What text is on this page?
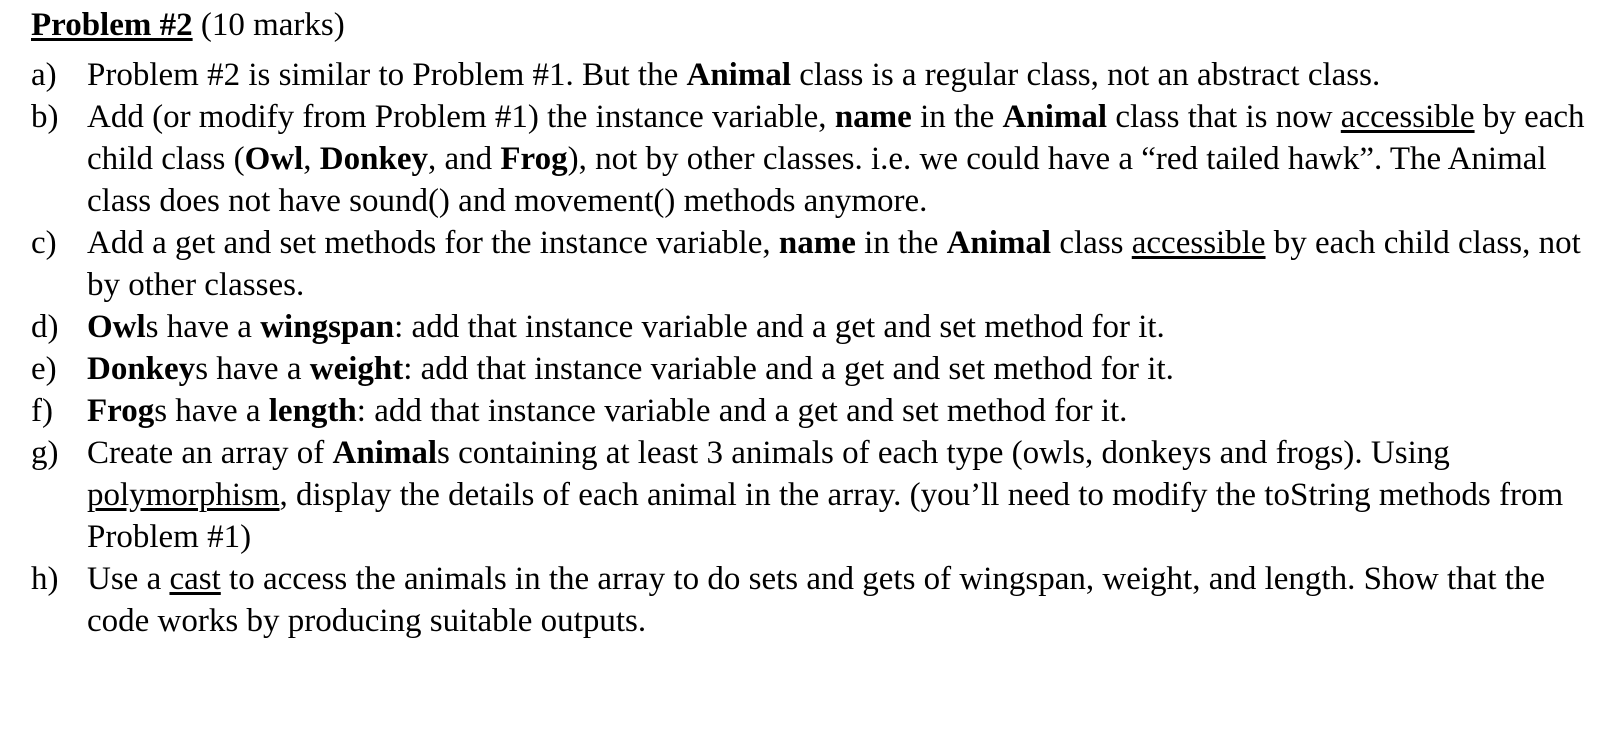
Problem #2 (10 marks)
a) Problem #2 is similar to Problem #1. But the Animal class is a regular class, not an abstract class.
b) Add (or modify from Problem #1) the instance variable, name in the Animal class that is now accessible by each child class (Owl, Donkey, and Frog), not by other classes. i.e. we could have a “red tailed hawk”. The Animal class does not have sound() and movement() methods anymore.
c) Add a get and set methods for the instance variable, name in the Animal class accessible by each child class, not by other classes.
d) Owls have a wingspan: add that instance variable and a get and set method for it.
e) Donkeys have a weight: add that instance variable and a get and set method for it.
f)	Frogs have a length: add that instance variable and a get and set method for it.
g) Create an array of Animals containing at least 3 animals of each type (owls, donkeys and frogs). Using polymorphism, display the details of each animal in the array. (you’ll need to modify the toString methods from Problem #1)
h) Use a cast to access the animals in the array to do sets and gets of wingspan, weight, and length. Show that the code works by producing suitable outputs.
